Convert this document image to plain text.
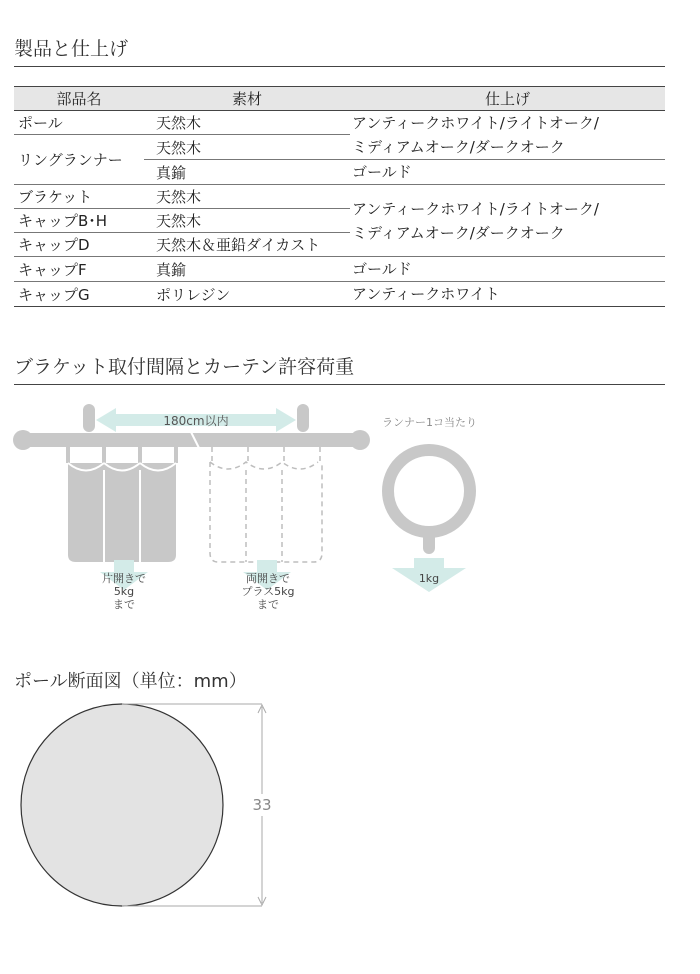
製品と仕上げ
部品名	素材	仕上げ
ポール	天然木	アンティークホワイト/ライトオーク/
ミディアムオーク/ダークオーク

リングランナー	天然木	
	真鍮	ゴールド
ブラケット	天然木	アンティークホワイト/ライトオーク/
ミディアムオーク/ダークオーク

キャップB･H	天然木	
キャップD	天然木＆亜鉛ダイカスト	
キャップF	真鍮	ゴールド
キャップG	ポリレジン	アンティークホワイト
ブラケット取付間隔とカーテン許容荷重
180cm以内
片開きで
5kg
まで
両開きで
プラス5kg
まで
ランナー1コ当たり
1kg
ポール断面図（単位：mm）
33
